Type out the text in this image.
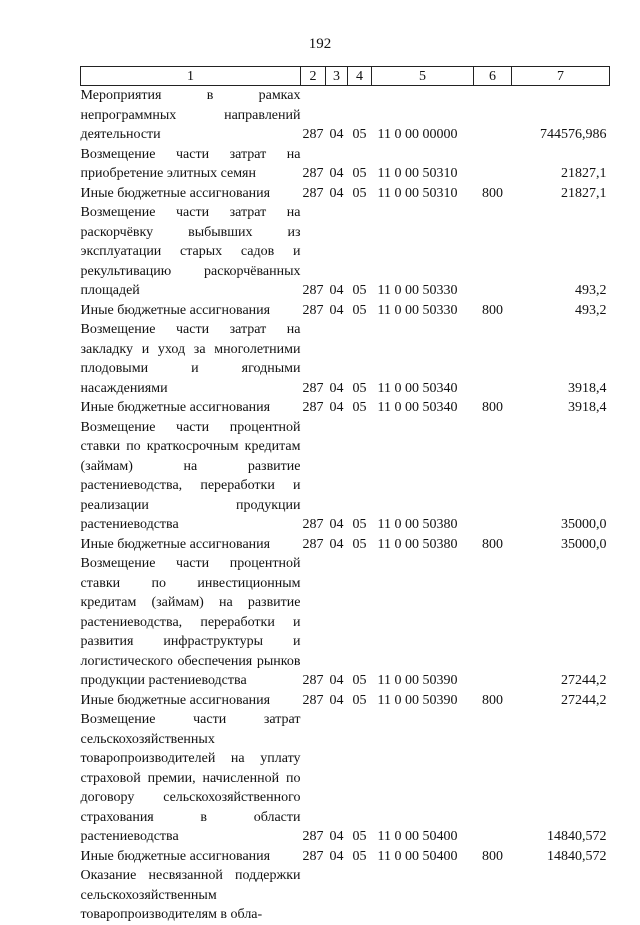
192
1	2	3	4	5	6	7
Мероприятия в рамках непрограммных направлений деятельности	287	04	05	11 0 00 00000		744576,986
Возмещение части затрат на приобретение элитных семян	287	04	05	11 0 00 50310		21827,1
Иные бюджетные ассигнования	287	04	05	11 0 00 50310	800	21827,1
Возмещение части затрат на раскорчёвку выбывших из эксплуатации старых садов и рекультивацию раскорчёванных площадей	287	04	05	11 0 00 50330		493,2
Иные бюджетные ассигнования	287	04	05	11 0 00 50330	800	493,2
Возмещение части затрат на закладку и уход за многолетними плодовыми и ягодными насаждениями	287	04	05	11 0 00 50340		3918,4
Иные бюджетные ассигнования	287	04	05	11 0 00 50340	800	3918,4
Возмещение части процентной ставки по краткосрочным кредитам (займам) на развитие растениеводства, переработки и реализации продукции растениеводства	287	04	05	11 0 00 50380		35000,0
Иные бюджетные ассигнования	287	04	05	11 0 00 50380	800	35000,0
Возмещение части процентной ставки по инвестиционным кредитам (займам) на развитие растениеводства, переработки и развития инфраструктуры и логистического обеспечения рынков продукции растениеводства	287	04	05	11 0 00 50390		27244,2
Иные бюджетные ассигнования	287	04	05	11 0 00 50390	800	27244,2
Возмещение части затрат сельскохозяйственных товаропроизводителей на уплату страховой премии, начисленной по договору сельскохозяйственного страхования в области растениеводства	287	04	05	11 0 00 50400		14840,572
Иные бюджетные ассигнования	287	04	05	11 0 00 50400	800	14840,572
Оказание несвязанной поддержки сельскохозяйственным товаропроизводителям в обла-						
